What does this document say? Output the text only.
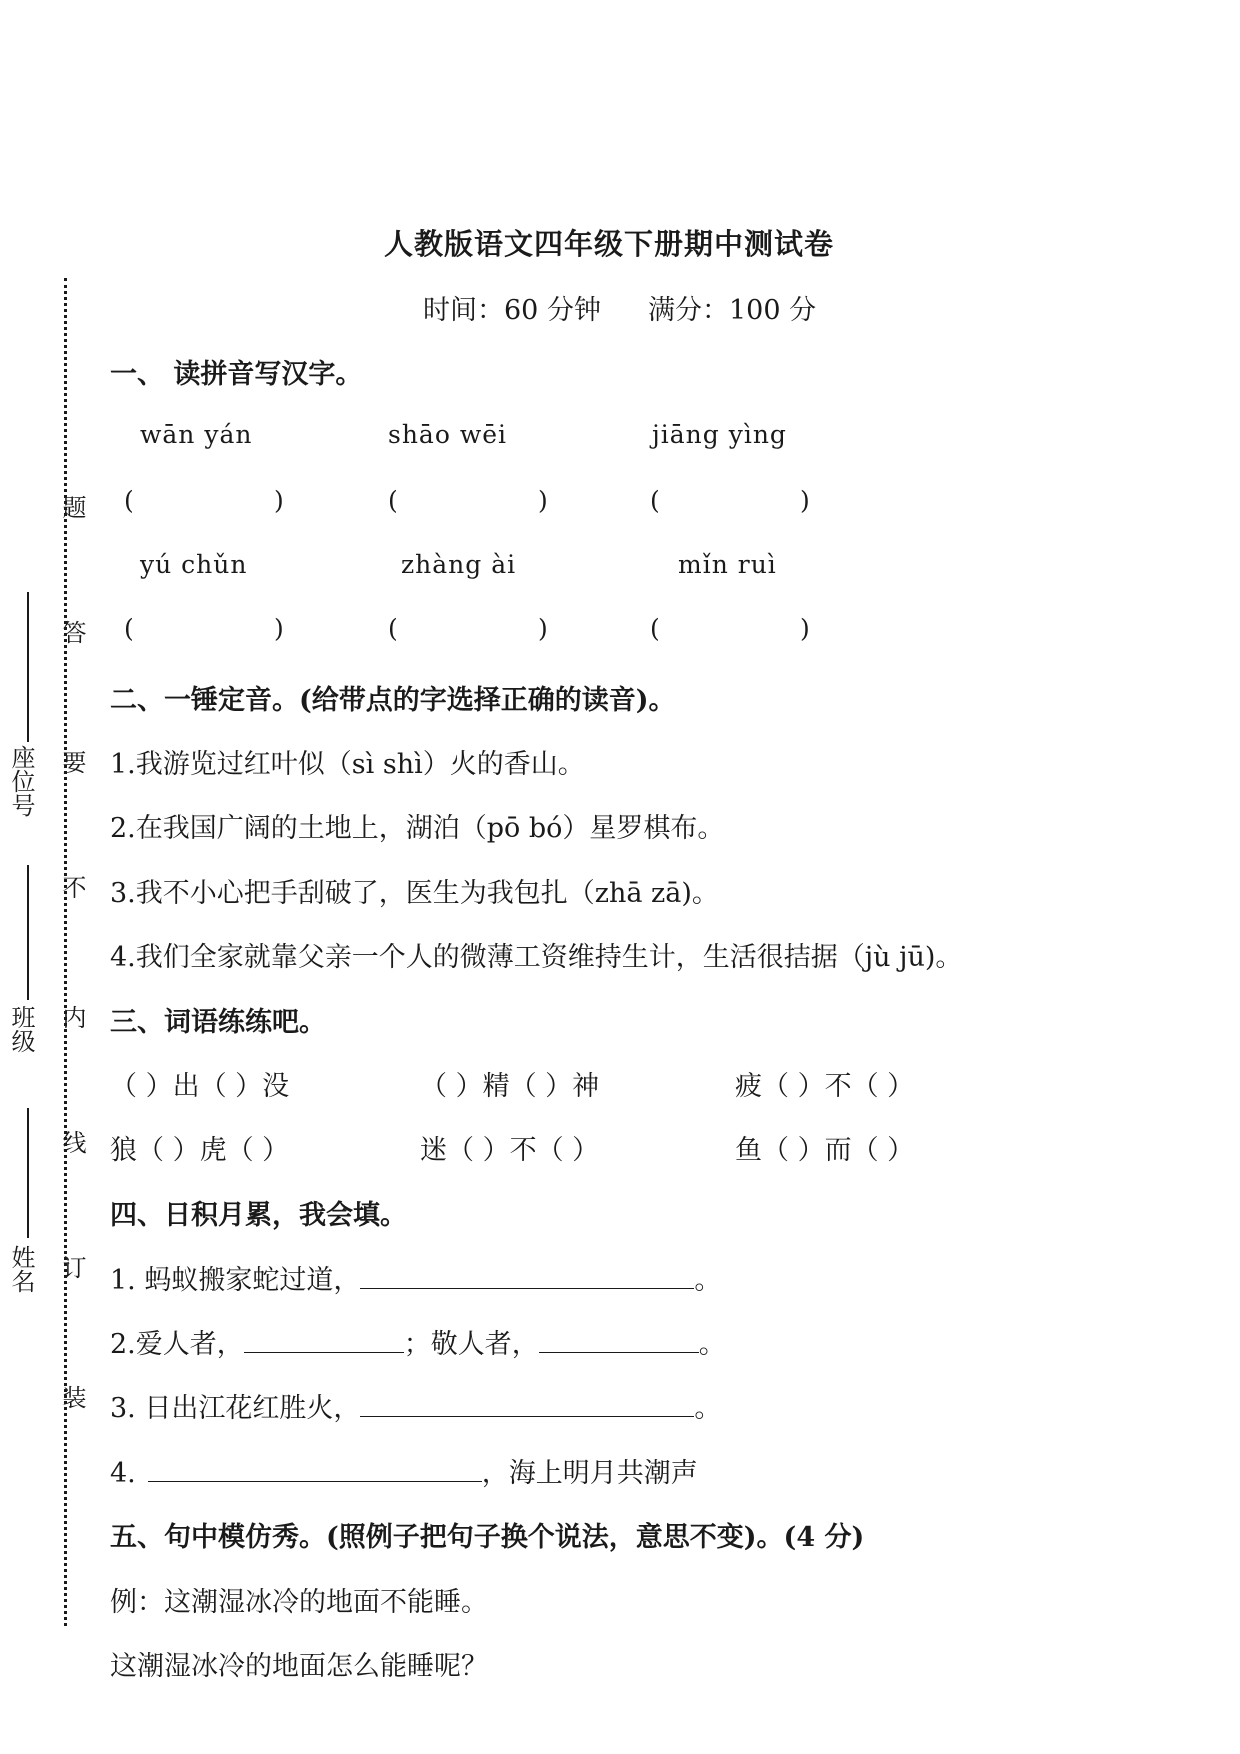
题
答
要
不
内
线
订
装
座位号
班级
姓名
人教版语文四年级下册期中测试卷
时间：60 分钟 满分：100 分
一、 读拼音写汉字。
wān yán	shāo wēi	jiāng yìng
(	)	(	)	(	)
yú chǔn	zhàng ài	mǐn ruì
(	)	(	)	(	)
二、一锤定音。(给带点的字选择正确的读音)。
1.我游览过红叶似（sì shì）火的香山。
2.在我国广阔的土地上，湖泊（pō bó）星罗棋布。
3.我不小心把手刮破了，医生为我包扎（zhā zā)。
4.我们全家就靠父亲一个人的微薄工资维持生计，生活很拮据（jù jū)。
三、词语练练吧。
（ ）出（ ）没	（ ）精（ ）神	疲（ ）不（ ）
狼（ ）虎（ ）	迷（ ）不（ ）	鱼（ ）而（ ）
四、日积月累，我会填。
1. 蚂蚁搬家蛇过道，	。
2.爱人者，	；敬人者，	。
3. 日出江花红胜火，	。
4.	，海上明月共潮声
五、句中模仿秀。(照例子把句子换个说法，意思不变)。(4 分)
例：这潮湿冰冷的地面不能睡。
这潮湿冰冷的地面怎么能睡呢？
